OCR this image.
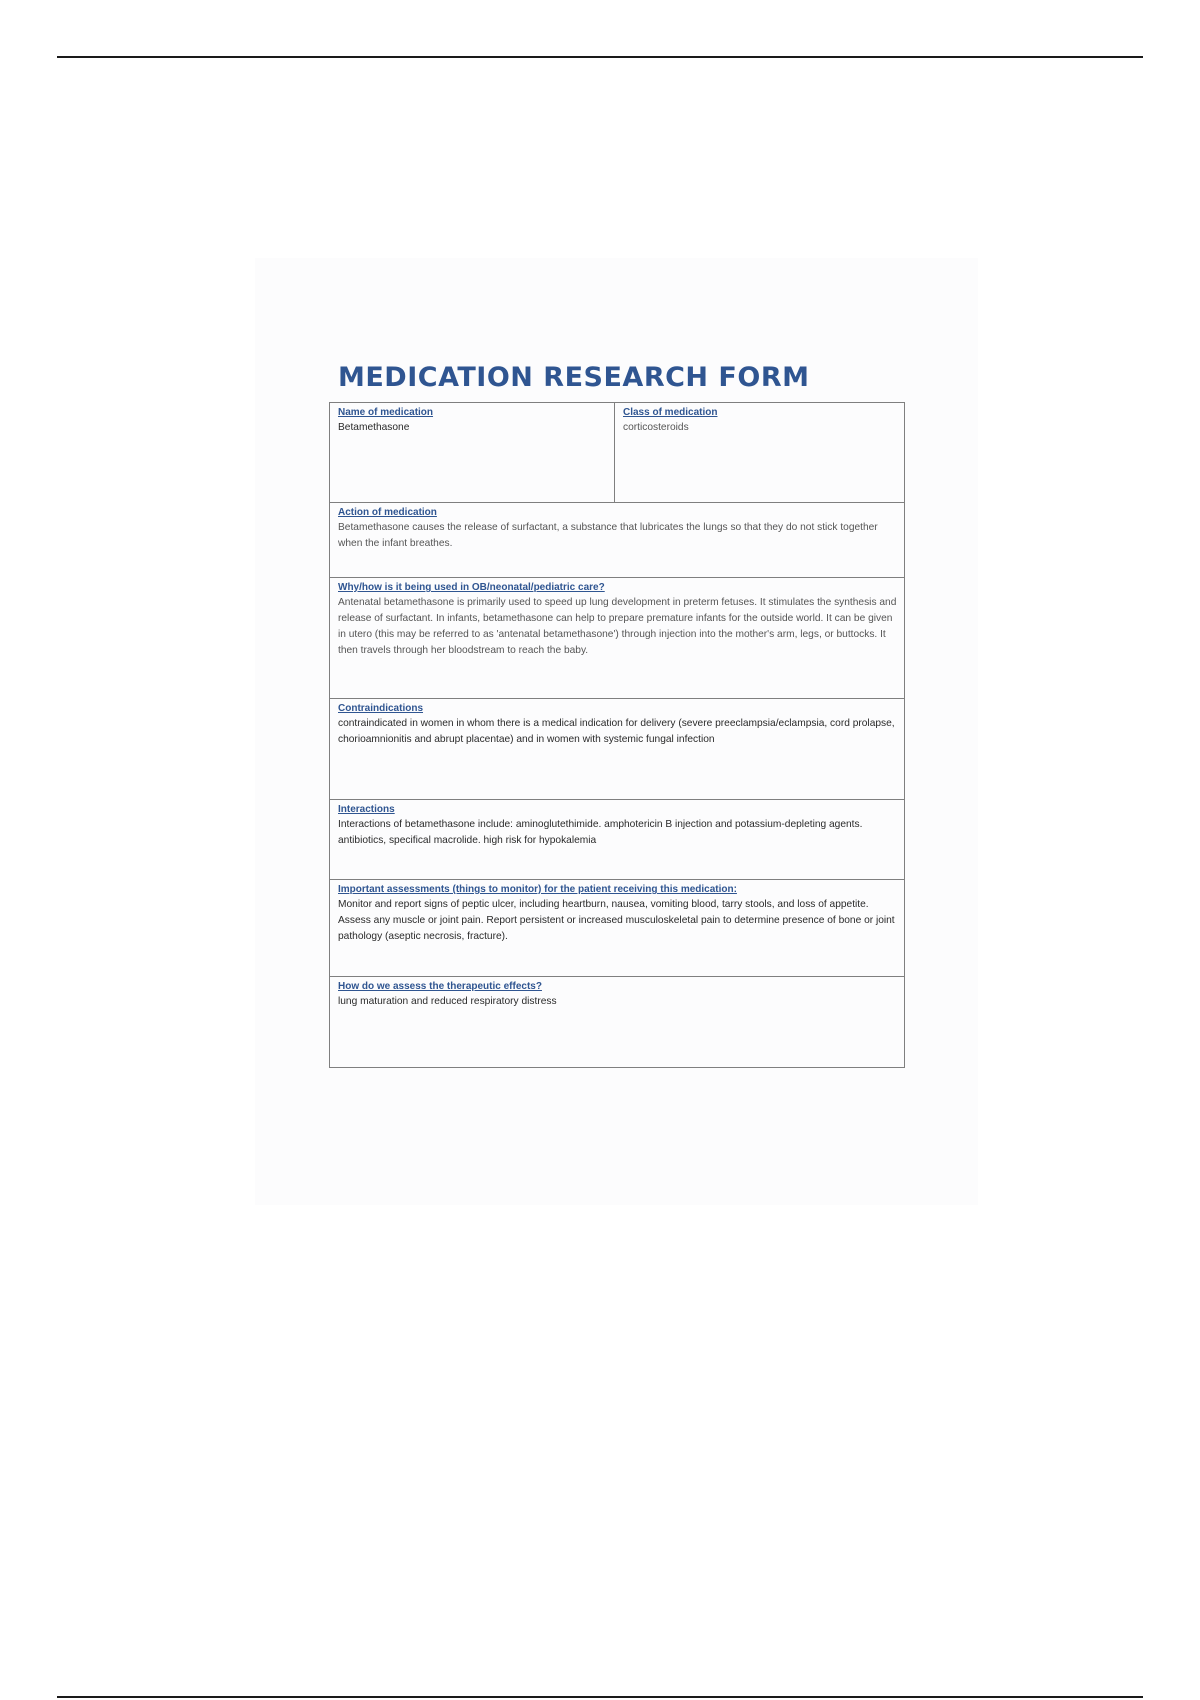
MEDICATION RESEARCH FORM
Name of medication
Betamethasone

Class of medication
corticosteroids

Action of medication
Betamethasone causes the release of surfactant, a substance that lubricates the lungs so that they do not stick together when the infant breathes.

Why/how is it being used in OB/neonatal/pediatric care?
Antenatal betamethasone is primarily used to speed up lung development in preterm fetuses. It stimulates the synthesis and release of surfactant. In infants, betamethasone can help to prepare premature infants for the outside world. It can be given in utero (this may be referred to as 'antenatal betamethasone') through injection into the mother's arm, legs, or buttocks. It then travels through her bloodstream to reach the baby.

Contraindications
contraindicated in women in whom there is a medical indication for delivery (severe preeclampsia/eclampsia, cord prolapse, chorioamnionitis and abrupt placentae) and in women with systemic fungal infection

Interactions
Interactions of betamethasone include: aminoglutethimide. amphotericin B injection and potassium-depleting agents. antibiotics, specifical macrolide. high risk for hypokalemia

Important assessments (things to monitor) for the patient receiving this medication:
Monitor and report signs of peptic ulcer, including heartburn, nausea, vomiting blood, tarry stools, and loss of appetite. Assess any muscle or joint pain. Report persistent or increased musculoskeletal pain to determine presence of bone or joint pathology (aseptic necrosis, fracture).

How do we assess the therapeutic effects?
lung maturation and reduced respiratory distress
